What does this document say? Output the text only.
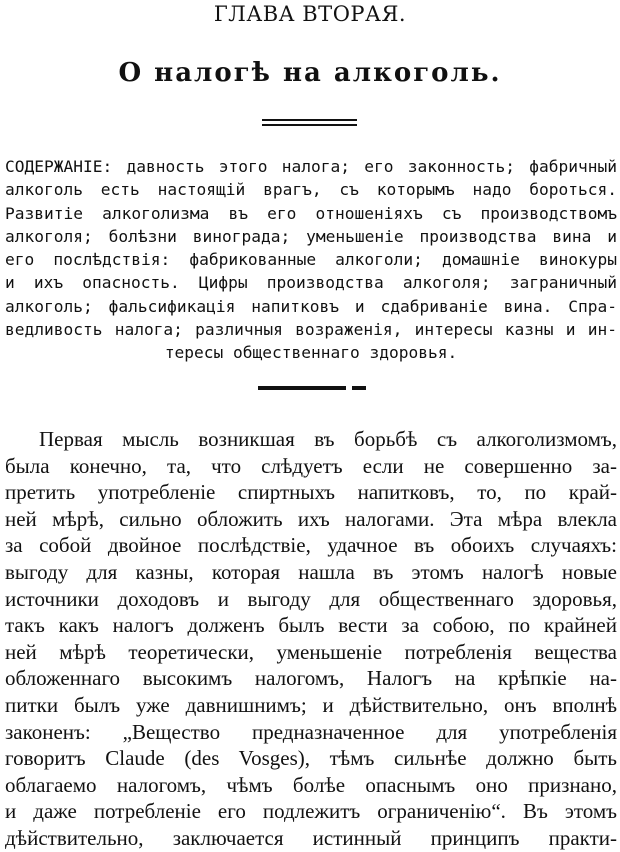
ГЛАВА ВТОРАЯ.
О налогѣ на алкоголь.
СОДЕРЖАНIЕ: давность этого налога; его законность; фабричный
алкоголь есть настоящiй врагъ, съ которымъ надо бороться.
Развитiе алкоголизма въ его отношенiяхъ съ производствомъ
алкоголя; болѣзни винограда; уменьшенiе производства вина и
его послѣдствiя: фабрикованные алкоголи; домашнiе винокуры
и ихъ опасность. Цифры производства алкоголя; заграничный
алкоголь; фальсификацiя напитковъ и сдабриванiе вина. Спра-
ведливость налога; различныя возраженiя, интересы казны и ин-
тересы общественнаго здоровья.
Первая мысль возникшая въ борьбѣ съ алкоголизмомъ,
была конечно, та, что слѣдуетъ если не совершенно за-
претить употребленiе спиртныхъ напитковъ, то, по край-
ней мѣрѣ, сильно обложить ихъ налогами. Эта мѣра влекла
за собой двойное послѣдствiе, удачное въ обоихъ случаяхъ:
выгоду для казны, которая нашла въ этомъ налогѣ новые
источники доходовъ и выгоду для общественнаго здоровья,
такъ какъ налогъ долженъ былъ вести за собою, по крайней
ней мѣрѣ теоретически, уменьшенiе потребленiя вещества
обложеннаго высокимъ налогомъ, Налогъ на крѣпкiе на-
питки былъ уже давнишнимъ; и дѣйствительно, онъ вполнѣ
законенъ: „Вещество предназначенное для употребленiя
говоритъ Claude (des Vosges), тѣмъ сильнѣе должно быть
облагаемо налогомъ, чѣмъ болѣе опаснымъ оно признано,
и даже потребленiе его подлежитъ ограниченiю“. Въ этомъ
дѣйствительно, заключается истинный принципъ практи-
